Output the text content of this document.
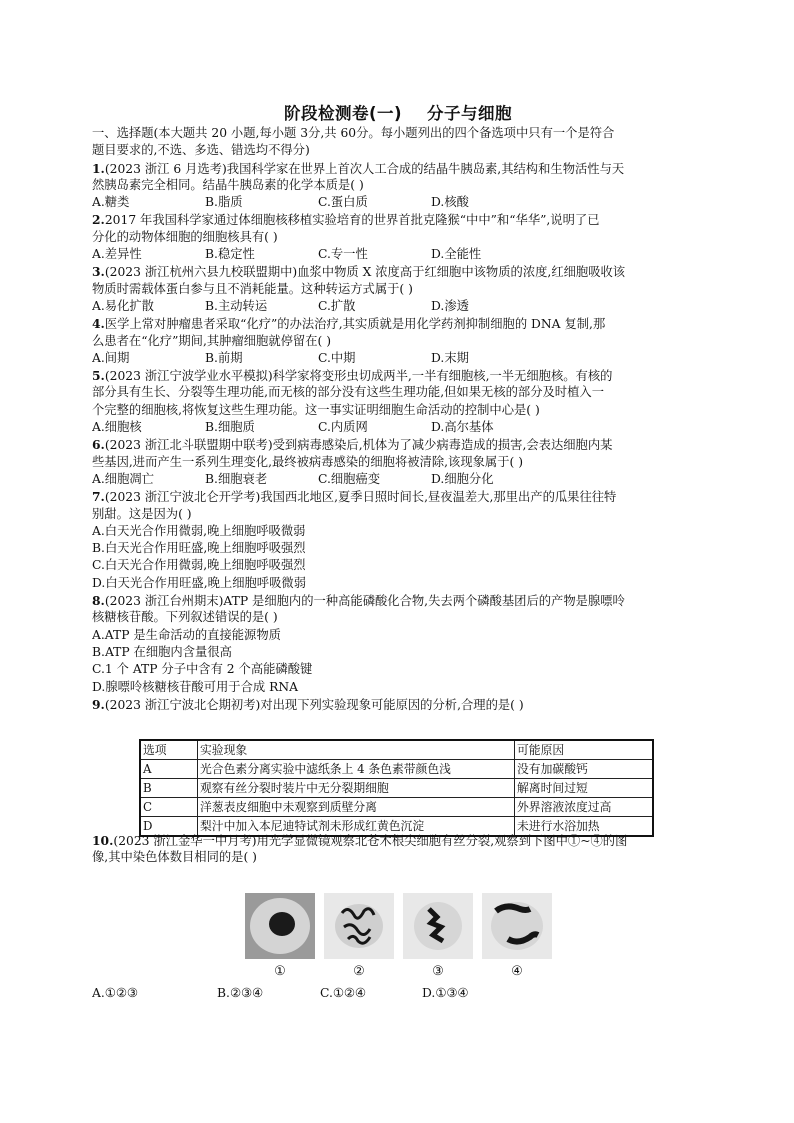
阶段检测卷(一)    分子与细胞
一、选择题(本大题共 20 小题,每小题 3分,共 60分。每小题列出的四个备选项中只有一个是符合
题目要求的,不选、多选、错选均不得分)
1.(2023 浙江 6 月选考)我国科学家在世界上首次人工合成的结晶牛胰岛素,其结构和生物活性与天
然胰岛素完全相同。结晶牛胰岛素的化学本质是( )
A.糖类	B.脂质	C.蛋白质	D.核酸
2.2017 年我国科学家通过体细胞核移植实验培育的世界首批克隆猴“中中”和“华华”,说明了已
分化的动物体细胞的细胞核具有( )
A.差异性	B.稳定性	C.专一性	D.全能性
3.(2023 浙江杭州六县九校联盟期中)血浆中物质 X 浓度高于红细胞中该物质的浓度,红细胞吸收该
物质时需载体蛋白参与且不消耗能量。这种转运方式属于( )
A.易化扩散	B.主动转运	C.扩散	D.渗透
4.医学上常对肿瘤患者采取“化疗”的办法治疗,其实质就是用化学药剂抑制细胞的 DNA 复制,那
么患者在“化疗”期间,其肿瘤细胞就停留在( )
A.间期	B.前期	C.中期	D.末期
5.(2023 浙江宁波学业水平模拟)科学家将变形虫切成两半,一半有细胞核,一半无细胞核。有核的
部分具有生长、分裂等生理功能,而无核的部分没有这些生理功能,但如果无核的部分及时植入一
个完整的细胞核,将恢复这些生理功能。这一事实证明细胞生命活动的控制中心是( )
A.细胞核	B.细胞质	C.内质网	D.高尔基体
6.(2023 浙江北斗联盟期中联考)受到病毒感染后,机体为了减少病毒造成的损害,会表达细胞内某
些基因,进而产生一系列生理变化,最终被病毒感染的细胞将被清除,该现象属于( )
A.细胞凋亡	B.细胞衰老	C.细胞癌变	D.细胞分化
7.(2023 浙江宁波北仑开学考)我国西北地区,夏季日照时间长,昼夜温差大,那里出产的瓜果往往特
别甜。这是因为( )
A.白天光合作用微弱,晚上细胞呼吸微弱
B.白天光合作用旺盛,晚上细胞呼吸强烈
C.白天光合作用微弱,晚上细胞呼吸强烈
D.白天光合作用旺盛,晚上细胞呼吸微弱
8.(2023 浙江台州期末)ATP 是细胞内的一种高能磷酸化合物,失去两个磷酸基团后的产物是腺嘌呤
核糖核苷酸。下列叙述错误的是( )
A.ATP 是生命活动的直接能源物质
B.ATP 在细胞内含量很高
C.1 个 ATP 分子中含有 2 个高能磷酸键
D.腺嘌呤核糖核苷酸可用于合成 RNA
9.(2023 浙江宁波北仑期初考)对出现下列实验现象可能原因的分析,合理的是( )
选项	实验现象	可能原因
A	光合色素分离实验中滤纸条上 4 条色素带颜色浅	没有加碳酸钙
B	观察有丝分裂时装片中无分裂期细胞	解离时间过短
C	洋葱表皮细胞中未观察到质壁分离	外界溶液浓度过高
D	梨汁中加入本尼迪特试剂未形成红黄色沉淀	未进行水浴加热
10.(2023 浙江金华一中月考)用光学显微镜观察北苍木根尖细胞有丝分裂,观察到下图中①~④的图
像,其中染色体数目相同的是( )
①	②	③	④
A.①②③	B.②③④	C.①②④	D.①③④
